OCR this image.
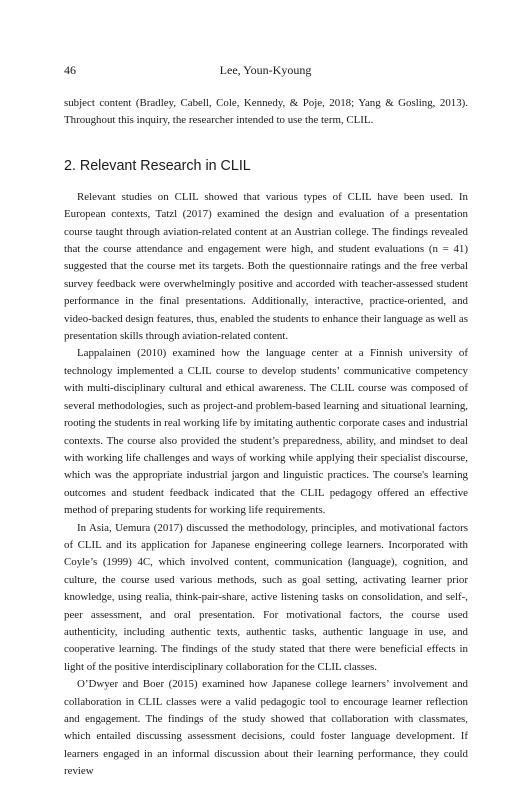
46	Lee, Youn-Kyoung

subject content (Bradley, Cabell, Cole, Kennedy, & Poje, 2018; Yang & Gosling, 2013). Throughout this inquiry, the researcher intended to use the term, CLIL.

2. Relevant Research in CLIL

Relevant studies on CLIL showed that various types of CLIL have been used. In European contexts, Tatzl (2017) examined the design and evaluation of a presentation course taught through aviation-related content at an Austrian college. The findings revealed that the course attendance and engagement were high, and student evaluations (n = 41) suggested that the course met its targets. Both the questionnaire ratings and the free verbal survey feedback were overwhelmingly positive and accorded with teacher-assessed student performance in the final presentations. Additionally, interactive, practice-oriented, and video-backed design features, thus, enabled the students to enhance their language as well as presentation skills through aviation-related content.

Lappalainen (2010) examined how the language center at a Finnish university of technology implemented a CLIL course to develop students’ communicative competency with multi-disciplinary cultural and ethical awareness. The CLIL course was composed of several methodologies, such as project-and problem-based learning and situational learning, rooting the students in real working life by imitating authentic corporate cases and industrial contexts. The course also provided the student’s preparedness, ability, and mindset to deal with working life challenges and ways of working while applying their specialist discourse, which was the appropriate industrial jargon and linguistic practices. The course's learning outcomes and student feedback indicated that the CLIL pedagogy offered an effective method of preparing students for working life requirements.

In Asia, Uemura (2017) discussed the methodology, principles, and motivational factors of CLIL and its application for Japanese engineering college learners. Incorporated with Coyle’s (1999) 4C, which involved content, communication (language), cognition, and culture, the course used various methods, such as goal setting, activating learner prior knowledge, using realia, think-pair-share, active listening tasks on consolidation, and self-, peer assessment, and oral presentation. For motivational factors, the course used authenticity, including authentic texts, authentic tasks, authentic language in use, and cooperative learning. The findings of the study stated that there were beneficial effects in light of the positive interdisciplinary collaboration for the CLIL classes.

O’Dwyer and Boer (2015) examined how Japanese college learners’ involvement and collaboration in CLIL classes were a valid pedagogic tool to encourage learner reflection and engagement. The findings of the study showed that collaboration with classmates, which entailed discussing assessment decisions, could foster language development. If learners engaged in an informal discussion about their learning performance, they could review
